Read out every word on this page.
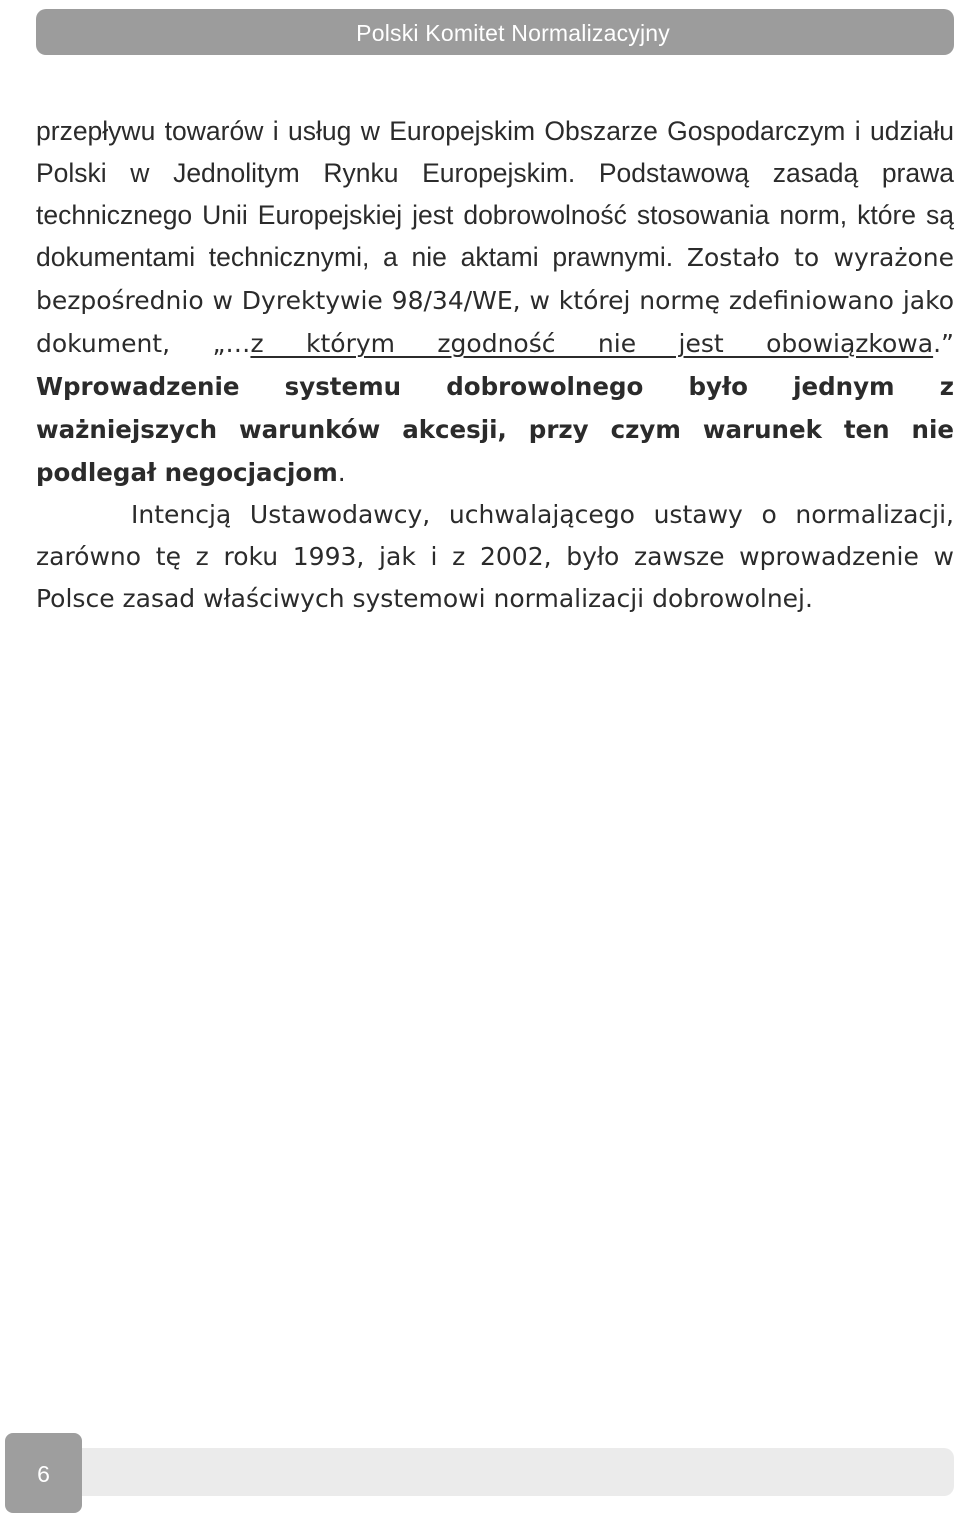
Polski Komitet Normalizacyjny

przepływu towarów i usług w Europejskim Obszarze Gospodarczym i udziału Polski w Jednolitym Rynku Europejskim. Podstawową zasadą prawa technicznego Unii Europejskiej jest dobrowolność stosowania norm, które są dokumentami technicznymi, a nie aktami prawnymi. Zostało to wyrażone bezpośrednio w Dyrektywie 98/34/WE, w której normę zdefiniowano jako dokument, „…z którym zgodność nie jest obowiązkowa.” Wprowadzenie systemu dobrowolnego było jednym z ważniejszych warunków akcesji, przy czym warunek ten nie podlegał negocjacjom.

Intencją Ustawodawcy, uchwalającego ustawy o normalizacji, zarówno tę z roku 1993, jak i z 2002, było zawsze wprowadzenie w Polsce zasad właściwych systemowi normalizacji dobrowolnej.

6
